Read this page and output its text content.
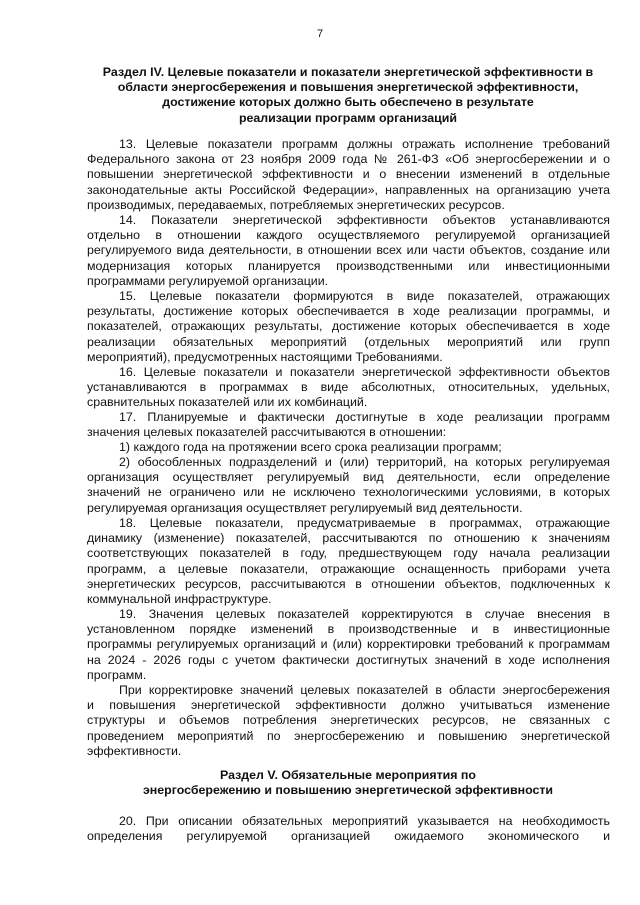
7
Раздел IV. Целевые показатели и показатели энергетической эффективности в
области энергосбережения и повышения энергетической эффективности,
достижение которых должно быть обеспечено в результате
реализации программ организаций
13. Целевые показатели программ должны отражать исполнение требований
Федерального закона от 23 ноября 2009 года № 261-ФЗ «Об энергосбережении и о
повышении энергетической эффективности и о внесении изменений в отдельные
законодательные акты Российской Федерации», направленных на организацию учета
производимых, передаваемых, потребляемых энергетических ресурсов.
14. Показатели энергетической эффективности объектов устанавливаются
отдельно в отношении каждого осуществляемого регулируемой организацией
регулируемого вида деятельности, в отношении всех или части объектов, создание или
модернизация которых планируется производственными или инвестиционными
программами регулируемой организации.
15. Целевые показатели формируются в виде показателей, отражающих
результаты, достижение которых обеспечивается в ходе реализации программы, и
показателей, отражающих результаты, достижение которых обеспечивается в ходе
реализации обязательных мероприятий (отдельных мероприятий или групп
мероприятий), предусмотренных настоящими Требованиями.
16. Целевые показатели и показатели энергетической эффективности объектов
устанавливаются в программах в виде абсолютных, относительных, удельных,
сравнительных показателей или их комбинаций.
17. Планируемые и фактически достигнутые в ходе реализации программ
значения целевых показателей рассчитываются в отношении:
1) каждого года на протяжении всего срока реализации программ;
2) обособленных подразделений и (или) территорий, на которых регулируемая
организация осуществляет регулируемый вид деятельности, если определение
значений не ограничено или не исключено технологическими условиями, в которых
регулируемая организация осуществляет регулируемый вид деятельности.
18. Целевые показатели, предусматриваемые в программах, отражающие
динамику (изменение) показателей, рассчитываются по отношению к значениям
соответствующих показателей в году, предшествующем году начала реализации
программ, а целевые показатели, отражающие оснащенность приборами учета
энергетических ресурсов, рассчитываются в отношении объектов, подключенных к
коммунальной инфраструктуре.
19. Значения целевых показателей корректируются в случае внесения в
установленном порядке изменений в производственные и в инвестиционные
программы регулируемых организаций и (или) корректировки требований к программам
на 2024 - 2026 годы с учетом фактически достигнутых значений в ходе исполнения
программ.
При корректировке значений целевых показателей в области энергосбережения
и повышения энергетической эффективности должно учитываться изменение
структуры и объемов потребления энергетических ресурсов, не связанных с
проведением мероприятий по энергосбережению и повышению энергетической
эффективности.
Раздел V. Обязательные мероприятия по
энергосбережению и повышению энергетической эффективности
20. При описании обязательных мероприятий указывается на необходимость
определения регулируемой организацией ожидаемого экономического и
